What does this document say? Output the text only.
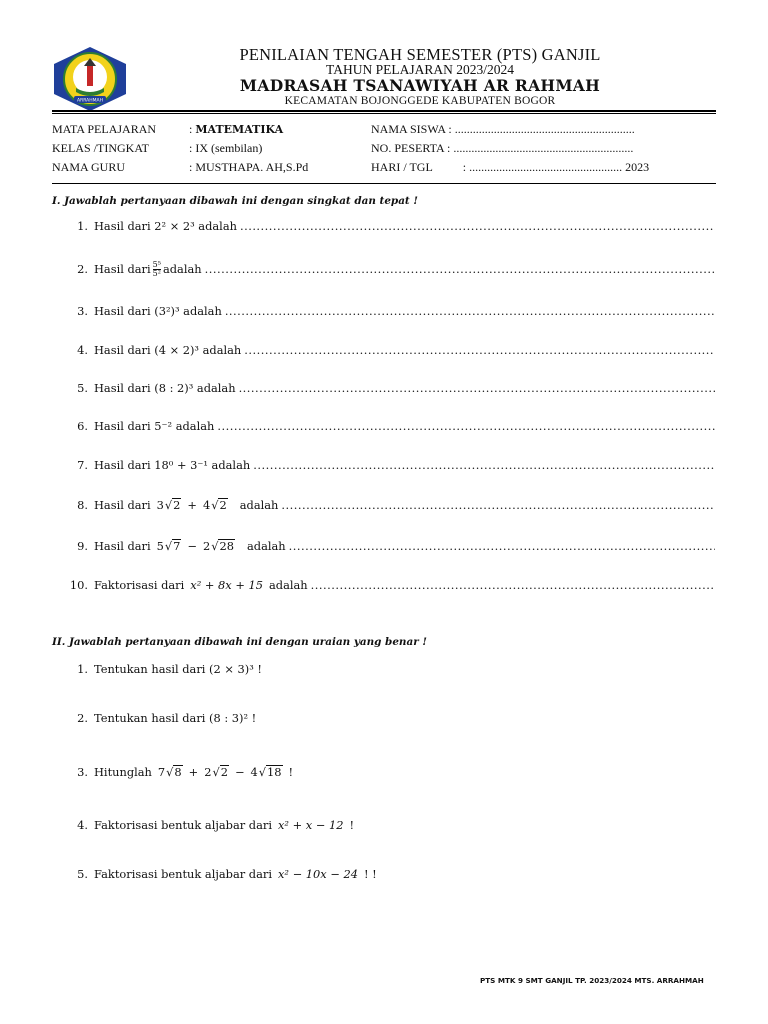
ARRAHMAH
PENILAIAN TENGAH SEMESTER (PTS) GANJIL
TAHUN PELAJARAN 2023/2024
MADRASAH TSANAWIYAH AR RAHMAH
KECAMATAN BOJONGGEDE KABUPATEN BOGOR
MATA PELAJARAN	: MATEMATIKA
KELAS /TINGKAT	: IX (sembilan)
NAMA GURU	: MUSTHAPA. AH,S.Pd
NAMA SISWA : ............................................................
NO. PESERTA : ............................................................
HARI / TGL	: ................................................... 2023
I. Jawablah pertanyaan dibawah ini dengan singkat dan tepat !
1. Hasil dari 2² × 2³ adalah
.....
2. Hasil dari $\frac{\text{5⁵}}{\text{5²}}$ adalah
.....
3. Hasil dari (3²)³ adalah
.....
4. Hasil dari (4 × 2)³ adalah
.....
5. Hasil dari (8 : 2)³ adalah
.....
6. Hasil dari 5⁻² adalah
.....
7. Hasil dari 18⁰ + 3⁻¹ adalah
.....
8. Hasil dari 3 √ 2 + 4 √ 2 adalah
.....
9. Hasil dari 5 √ 7 − 2 √ 28 adalah
.....
10. Faktorisasi dari x² + 8x + 15 adalah
.....
II. Jawablah pertanyaan dibawah ini dengan uraian yang benar !
1. Tentukan hasil dari (2 × 3)³ !
2. Tentukan hasil dari (8 : 3)² !
3. Hitunglah 7 √ 8 + 2 √ 2 − 4 √ 18 !
4. Faktorisasi bentuk aljabar dari x² + x − 12 !
5. Faktorisasi bentuk aljabar dari x² − 10x − 24 ! !
PTS MTK 9 SMT GANJIL TP. 2023/2024 MTS. ARRAHMAH
